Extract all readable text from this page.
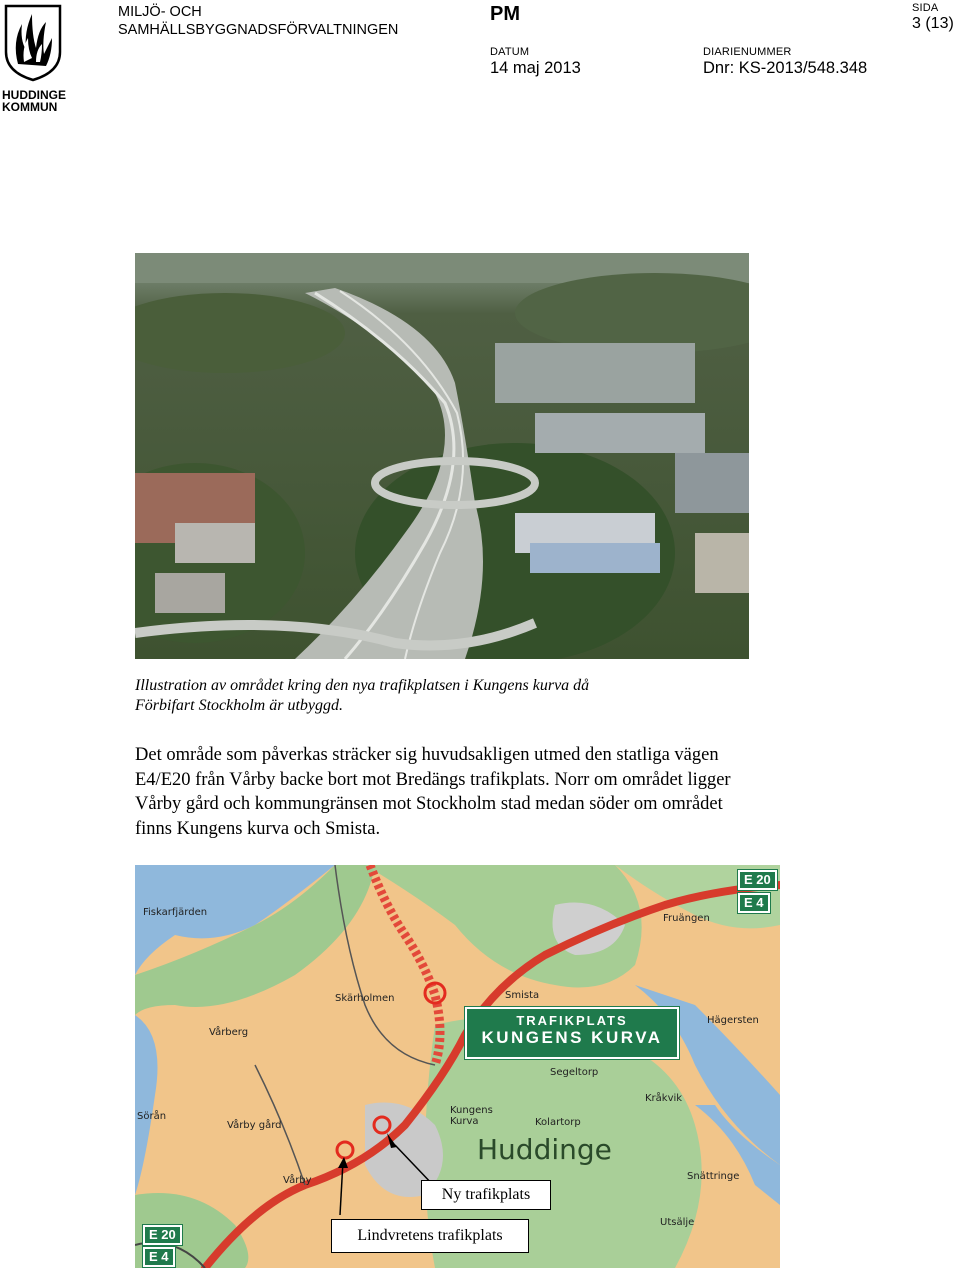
HUDDINGE
KOMMUN
MILJÖ- OCH
SAMHÄLLSBYGGNADSFÖRVALTNINGEN
PM	SIDA
3 (13)
DATUM
14 maj 2013
DIARIENUMMER
Dnr: KS-2013/548.348
Illustration av området kring den nya trafikplatsen i Kungens kurva då
Förbifart Stockholm är utbyggd.
Det område som påverkas sträcker sig huvudsakligen utmed den statliga vägen
E4/E20 från Vårby backe bort mot Bredängs trafikplats. Norr om området ligger
Vårby gård och kommungränsen mot Stockholm stad medan söder om området
finns Kungens kurva och Smista.
E 20
E 4
E 20
E 4
TRAFIKPLATS
KUNGENS KURVA
Fiskarfjärden
Fruängen
Skärholmen	Smista
Vårberg
Hägersten
Segeltorp
Kungens Kurva	Kolartorp
Kråkvik
Vårby gård
Sörån
Vårby	Snättringe
Utsälje
Huddinge
Ny trafikplats
Lindvretens trafikplats
